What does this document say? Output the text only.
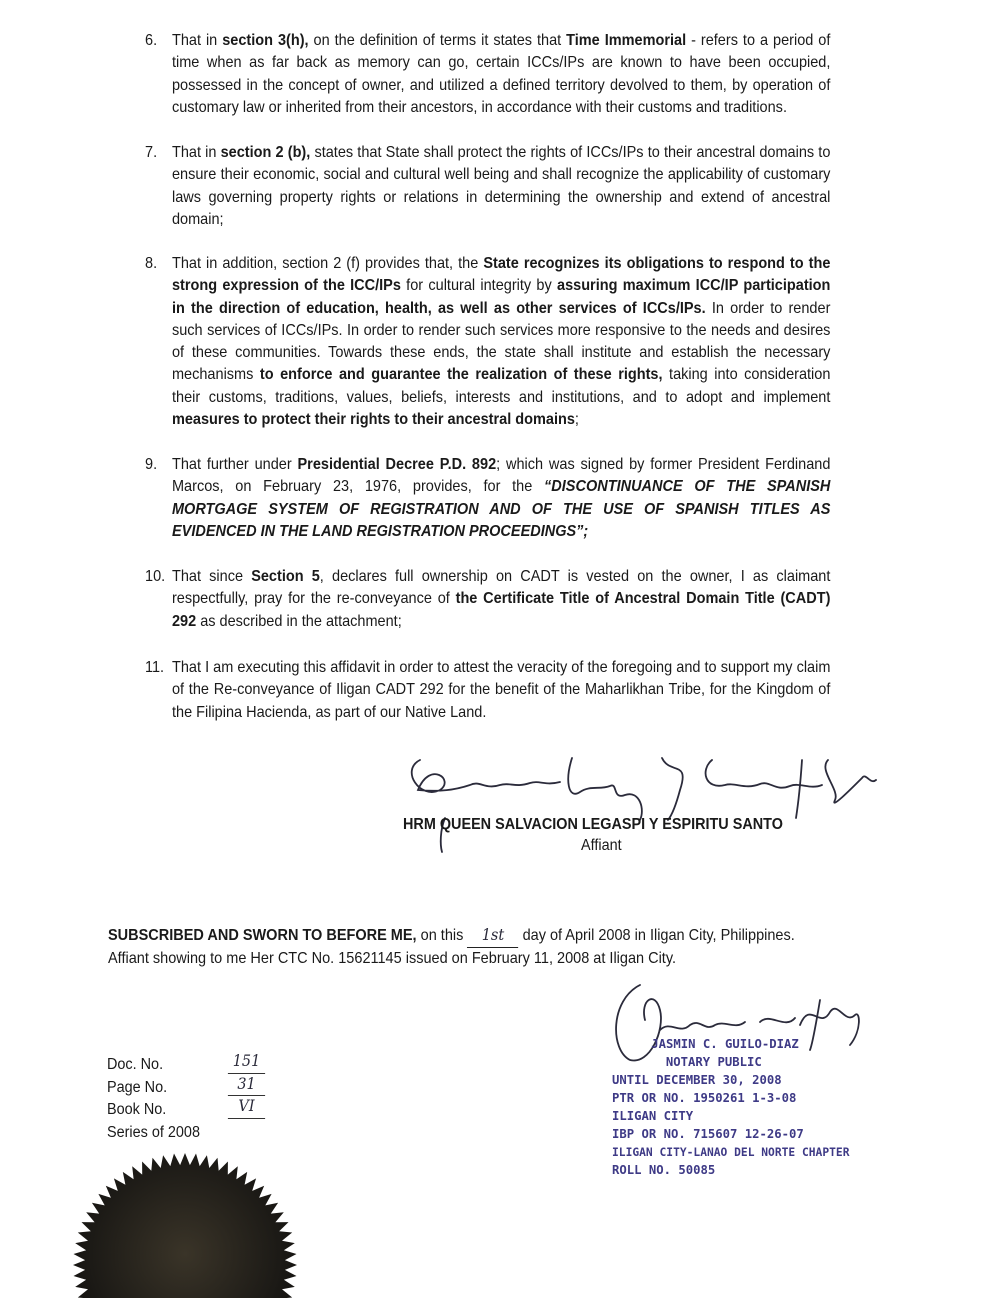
6. That in section 3(h), on the definition of terms it states that Time Immemorial - refers to a period of time when as far back as memory can go, certain ICCs/IPs are known to have been occupied, possessed in the concept of owner, and utilized a defined territory devolved to them, by operation of customary law or inherited from their ancestors, in accordance with their customs and traditions.
7. That in section 2 (b), states that State shall protect the rights of ICCs/IPs to their ancestral domains to ensure their economic, social and cultural well being and shall recognize the applicability of customary laws governing property rights or relations in determining the ownership and extend of ancestral domain;
8. That in addition, section 2 (f) provides that, the State recognizes its obligations to respond to the strong expression of the ICC/IPs for cultural integrity by assuring maximum ICC/IP participation in the direction of education, health, as well as other services of ICCs/IPs. In order to render such services of ICCs/IPs. In order to render such services more responsive to the needs and desires of these communities. Towards these ends, the state shall institute and establish the necessary mechanisms to enforce and guarantee the realization of these rights, taking into consideration their customs, traditions, values, beliefs, interests and institutions, and to adopt and implement measures to protect their rights to their ancestral domains;
9. That further under Presidential Decree P.D. 892; which was signed by former President Ferdinand Marcos, on February 23, 1976, provides, for the “DISCONTINUANCE OF THE SPANISH MORTGAGE SYSTEM OF REGISTRATION AND OF THE USE OF SPANISH TITLES AS EVIDENCED IN THE LAND REGISTRATION PROCEEDINGS”;
10. That since Section 5, declares full ownership on CADT is vested on the owner, I as claimant respectfully, pray for the re-conveyance of the Certificate Title of Ancestral Domain Title (CADT) 292 as described in the attachment;
11. That I am executing this affidavit in order to attest the veracity of the foregoing and to support my claim of the Re-conveyance of Iligan CADT 292 for the benefit of the Maharlikhan Tribe, for the Kingdom of the Filipina Hacienda, as part of our Native Land.
HRM QUEEN SALVACION LEGASPI Y ESPIRITU SANTO
Affiant
SUBSCRIBED AND SWORN TO BEFORE ME, on this 1st day of April 2008 in Iligan City, Philippines.
Affiant showing to me Her CTC No. 15621145 issued on February 11, 2008 at Iligan City.
Doc. No.	151
Page No.	31
Book No.	VI
Series of 2008
JASMIN C. GUILO-DIAZ
NOTARY PUBLIC
UNTIL DECEMBER 30, 2008
PTR OR NO. 1950261 1-3-08
ILIGAN CITY
IBP OR NO. 715607 12-26-07
ILIGAN CITY-LANAO DEL NORTE CHAPTER
ROLL NO. 50085
